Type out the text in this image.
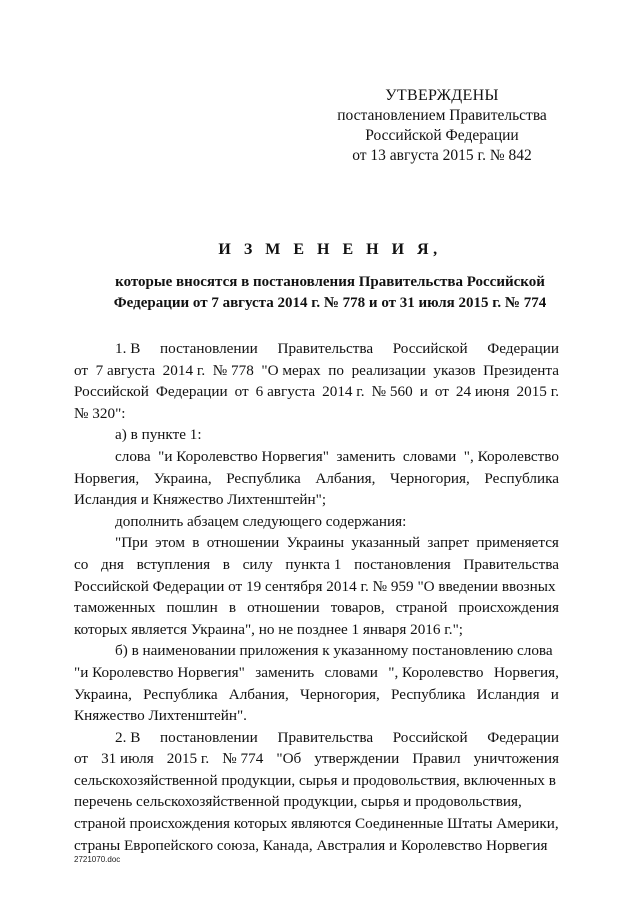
УТВЕРЖДЕНЫ
постановлением Правительства
Российской Федерации
от 13 августа 2015 г. № 842
И З М Е Н Е Н И Я,
которые вносятся в постановления Правительства Российской
Федерации от 7 августа 2014 г. № 778 и от 31 июля 2015 г. № 774
1. В постановлении Правительства Российской Федерации
от 7 августа 2014 г. № 778 "О мерах по реализации указов Президента
Российской Федерации от 6 августа 2014 г. № 560 и от 24 июня 2015 г.
№ 320":
а) в пункте 1:
слова "и Королевство Норвегия" заменить словами ", Королевство
Норвегия, Украина, Республика Албания, Черногория, Республика
Исландия и Княжество Лихтенштейн";
дополнить абзацем следующего содержания:
"При этом в отношении Украины указанный запрет применяется
со дня вступления в силу пункта 1 постановления Правительства
Российской Федерации от 19 сентября 2014 г. № 959 "О введении ввозных
таможенных пошлин в отношении товаров, страной происхождения
которых является Украина", но не позднее 1 января 2016 г.";
б) в наименовании приложения к указанному постановлению слова
"и Королевство Норвегия" заменить словами ", Королевство Норвегия,
Украина, Республика Албания, Черногория, Республика Исландия и
Княжество Лихтенштейн".
2. В постановлении Правительства Российской Федерации
от 31 июля 2015 г. № 774 "Об утверждении Правил уничтожения
сельскохозяйственной продукции, сырья и продовольствия, включенных в
перечень сельскохозяйственной продукции, сырья и продовольствия,
страной происхождения которых являются Соединенные Штаты Америки,
страны Европейского союза, Канада, Австралия и Королевство Норвегия
2721070.doc
